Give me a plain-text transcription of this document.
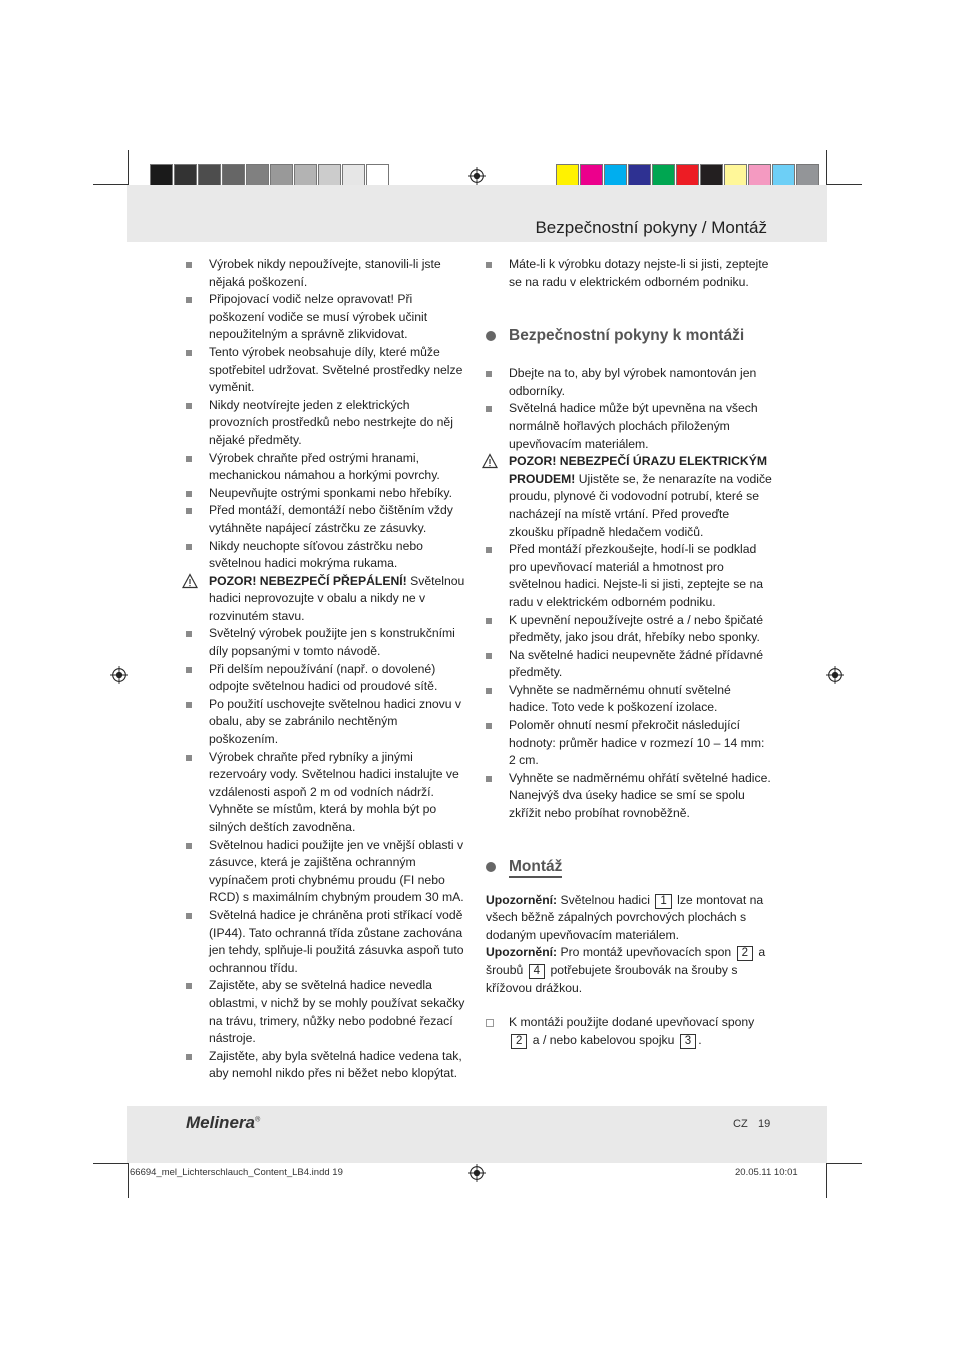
Bezpečnostní pokyny / Montáž
Výrobek nikdy nepoužívejte, stanovili-li jste nějaká poškození.
Připojovací vodič nelze opravovat! Při poškození vodiče se musí výrobek učinit nepoužitelným a správně zlikvidovat.
Tento výrobek neobsahuje díly, které může spotřebitel udržovat. Světelné prostředky nelze vyměnit.
Nikdy neotvírejte jeden z elektrických provozních prostředků nebo nestrkejte do něj nějaké předměty.
Výrobek chraňte před ostrými hranami, mechanickou námahou a horkými povrchy.
Neupevňujte ostrými sponkami nebo hřebíky.
Před montáží, demontáží nebo čištěním vždy vytáhněte napájecí zástrčku ze zásuvky.
Nikdy neuchopte síťovou zástrčku nebo světelnou hadici mokrýma rukama.
POZOR! NEBEZPEČÍ PŘEPÁLENÍ! Světelnou hadici neprovozujte v obalu a nikdy ne v rozvinutém stavu.
Světelný výrobek použijte jen s konstrukčními díly popsanými v tomto návodě.
Při delším nepoužívání (např. o dovolené) odpojte světelnou hadici od proudové sítě.
Po použití uschovejte světelnou hadici znovu v obalu, aby se zabránilo nechtěným poškozením.
Výrobek chraňte před rybníky a jinými rezervoáry vody. Světelnou hadici instalujte ve vzdálenosti aspoň 2 m od vodních nádrží. Vyhněte se místům, která by mohla být po silných deštích zavodněna.
Světelnou hadici použijte jen ve vnější oblasti v zásuvce, která je zajištěna ochranným vypínačem proti chybnému proudu (FI nebo RCD) s maximálním chybným proudem 30 mA.
Světelná hadice je chráněna proti stříkací vodě (IP44). Tato ochranná třída zůstane zachována jen tehdy, splňuje-li použitá zásuvka aspoň tuto ochrannou třídu.
Zajistěte, aby se světelná hadice nevedla oblastmi, v nichž by se mohly používat sekačky na trávu, trimery, nůžky nebo podobné řezací nástroje.
Zajistěte, aby byla světelná hadice vedena tak, aby nemohl nikdo přes ni běžet nebo klopýtat.
Máte-li k výrobku dotazy nejste-li si jisti, zeptejte se na radu v elektrickém odborném podniku.
Bezpečnostní pokyny k montáži
Dbejte na to, aby byl výrobek namontován jen odborníky.
Světelná hadice může být upevněna na všech normálně hořlavých plochách přiloženým upevňovacím materiálem.
POZOR! NEBEZPEČÍ ÚRAZU ELEKTRICKÝM PROUDEM! Ujistěte se, že nenarazíte na vodiče proudu, plynové či vodovodní potrubí, které se nacházejí na místě vrtání. Před proveďte zkoušku případně hledačem vodičů.
Před montáží přezkoušejte, hodí-li se podklad pro upevňovací materiál a hmotnost pro světelnou hadici. Nejste-li si jisti, zeptejte se na radu v elektrickém odborném podniku.
K upevnění nepoužívejte ostré a / nebo špičaté předměty, jako jsou drát, hřebíky nebo sponky.
Na světelné hadici neupevněte žádné přídavné předměty.
Vyhněte se nadměrnému ohnutí světelné hadice. Toto vede k poškození izolace.
Poloměr ohnutí nesmí překročit následující hodnoty: průměr hadice v rozmezí 10 – 14 mm: 2 cm.
Vyhněte se nadměrnému ohřátí světelné hadice. Nanejvýš dva úseky hadice se smí se spolu zkřížit nebo probíhat rovnoběžně.
Montáž

Upozornění: Světelnou hadici 1 lze montovat na všech běžně zápalných povrchových plochách s dodaným upevňovacím materiálem.

Upozornění: Pro montáž upevňovacích spon 2 a šroubů 4 potřebujete šroubovák na šrouby s křížovou drážkou.

K montáži použijte dodané upevňovací spony 2 a / nebo kabelovou spojku 3 .
Melinera®	CZ 19
66694_mel_Lichterschlauch_Content_LB4.indd 19	20.05.11 10:01
